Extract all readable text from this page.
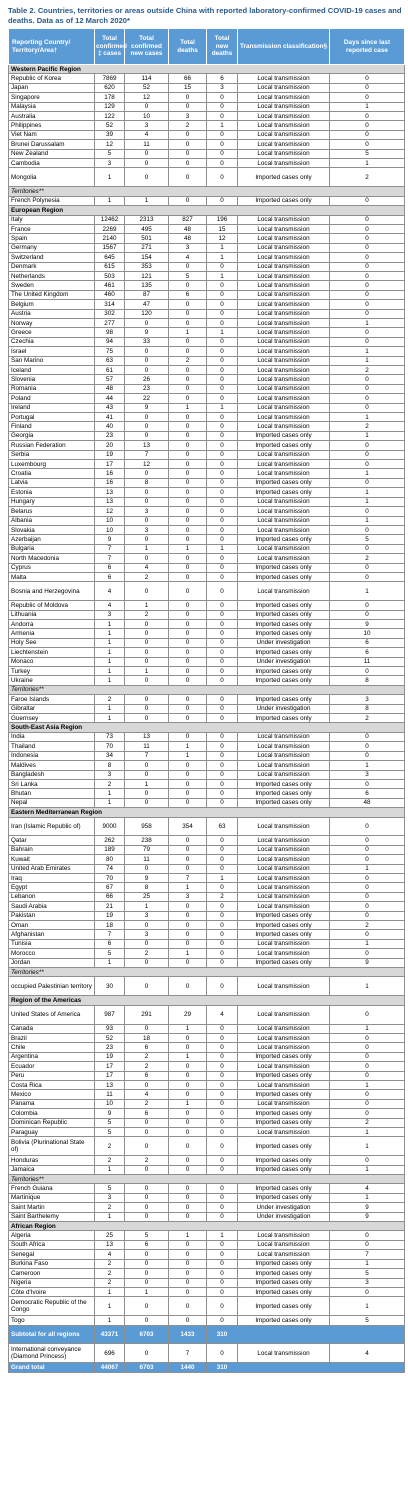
Table 2. Countries, territories or areas outside China with reported laboratory-confirmed COVID-19 cases and deaths. Data as of 12 March 2020*
Reporting Country/ Territory/Area†	Total confirmed ‡ cases	Total confirmed new cases	Total deaths	Total new deaths	Transmission classification§	Days since last reported case
Western Pacific Region						
Republic of Korea	7869	114	66	6	Local transmission	0
Japan	620	52	15	3	Local transmission	0
Singapore	178	12	0	0	Local transmission	0
Malaysia	129	0	0	0	Local transmission	1
Australia	122	10	3	0	Local transmission	0
Philippines	52	3	2	1	Local transmission	0
Viet Nam	39	4	0	0	Local transmission	0
Brunei Darussalam	12	11	0	0	Local transmission	0
New Zealand	5	0	0	0	Local transmission	5
Cambodia	3	0	0	0	Local transmission	1
Mongolia	1	0	0	0	Imported cases only	2
Territories**						
French Polynesia	1	1	0	0	Imported cases only	0
European Region						
Italy	12462	2313	827	196	Local transmission	0
France	2269	495	48	15	Local transmission	0
Spain	2140	501	48	12	Local transmission	0
Germany	1567	271	3	1	Local transmission	0
Switzerland	645	154	4	1	Local transmission	0
Denmark	615	353	0	0	Local transmission	0
Netherlands	503	121	5	1	Local transmission	0
Sweden	461	135	0	0	Local transmission	0
The United Kingdom	460	87	6	0	Local transmission	0
Belgium	314	47	0	0	Local transmission	0
Austria	302	120	0	0	Local transmission	0
Norway	277	0	0	0	Local transmission	1
Greece	98	9	1	1	Local transmission	0
Czechia	94	33	0	0	Local transmission	0
Israel	75	0	0	0	Local transmission	1
San Marino	63	0	2	0	Local transmission	1
Iceland	61	0	0	0	Local transmission	2
Slovenia	57	26	0	0	Local transmission	0
Romania	48	23	0	0	Local transmission	0
Poland	44	22	0	0	Local transmission	0
Ireland	43	9	1	1	Local transmission	0
Portugal	41	0	0	0	Local transmission	1
Finland	40	0	0	0	Local transmission	2
Georgia	23	0	0	0	Imported cases only	1
Russian Federation	20	13	0	0	Imported cases only	0
Serbia	19	7	0	0	Local transmission	0
Luxembourg	17	12	0	0	Local transmission	0
Croatia	16	0	0	0	Local transmission	1
Latvia	16	8	0	0	Imported cases only	0
Estonia	13	0	0	0	Imported cases only	1
Hungary	13	0	0	0	Local transmission	1
Belarus	12	3	0	0	Local transmission	0
Albania	10	0	0	0	Local transmission	1
Slovakia	10	3	0	0	Local transmission	0
Azerbaijan	9	0	0	0	Imported cases only	5
Bulgaria	7	1	1	1	Local transmission	0
North Macedonia	7	0	0	0	Local transmission	2
Cyprus	6	4	0	0	Imported cases only	0
Malta	6	2	0	0	Imported cases only	0
Bosnia and Herzegovina	4	0	0	0	Local transmission	1
Republic of Moldova	4	1	0	0	Imported cases only	0
Lithuania	3	2	0	0	Imported cases only	0
Andorra	1	0	0	0	Imported cases only	9
Armenia	1	0	0	0	Imported cases only	10
Holy See	1	0	0	0	Under investigation	6
Liechtenstein	1	0	0	0	Imported cases only	6
Monaco	1	0	0	0	Under investigation	11
Turkey	1	1	0	0	Imported cases only	0
Ukraine	1	0	0	0	Imported cases only	8
Territories**						
Faroe Islands	2	0	0	0	Imported cases only	3
Gibraltar	1	0	0	0	Under investigation	8
Guernsey	1	0	0	0	Imported cases only	2
South-East Asia Region						
India	73	13	0	0	Local transmission	0
Thailand	70	11	1	0	Local transmission	0
Indonesia	34	7	1	0	Local transmission	0
Maldives	8	0	0	0	Local transmission	1
Bangladesh	3	0	0	0	Local transmission	3
Sri Lanka	2	1	0	0	Imported cases only	0
Bhutan	1	0	0	0	Imported cases only	6
Nepal	1	0	0	0	Imported cases only	48
Eastern Mediterranean Region						
Iran (Islamic Republic of)	9000	958	354	63	Local transmission	0
Qatar	262	238	0	0	Local transmission	0
Bahrain	189	79	0	0	Local transmission	0
Kuwait	80	11	0	0	Local transmission	0
United Arab Emirates	74	0	0	0	Local transmission	1
Iraq	70	9	7	1	Local transmission	0
Egypt	67	8	1	0	Local transmission	0
Lebanon	66	25	3	2	Local transmission	0
Saudi Arabia	21	1	0	0	Local transmission	0
Pakistan	19	3	0	0	Imported cases only	0
Oman	18	0	0	0	Imported cases only	2
Afghanistan	7	3	0	0	Imported cases only	0
Tunisia	6	0	0	0	Local transmission	1
Morocco	5	2	1	0	Local transmission	0
Jordan	1	0	0	0	Imported cases only	9
Territories**						
occupied Palestinian territory	30	0	0	0	Local transmission	1
Region of the Americas						
United States of America	987	291	29	4	Local transmission	0
Canada	93	0	1	0	Local transmission	1
Brazil	52	18	0	0	Local transmission	0
Chile	23	6	0	0	Local transmission	0
Argentina	19	2	1	0	Imported cases only	0
Ecuador	17	2	0	0	Local transmission	0
Peru	17	6	0	0	Imported cases only	0
Costa Rica	13	0	0	0	Local transmission	1
Mexico	11	4	0	0	Imported cases only	0
Panama	10	2	1	0	Local transmission	0
Colombia	9	6	0	0	Imported cases only	0
Dominican Republic	5	0	0	0	Imported cases only	2
Paraguay	5	0	0	0	Local transmission	1
Bolivia (Plurinational State of)	2	0	0	0	Imported cases only	1
Honduras	2	2	0	0	Imported cases only	0
Jamaica	1	0	0	0	Imported cases only	1
Territories**						
French Guiana	5	0	0	0	Imported cases only	4
Martinique	3	0	0	0	Imported cases only	1
Saint Martin	2	0	0	0	Under investigation	9
Saint Barthelemy	1	0	0	0	Under investigation	9
African Region						
Algeria	25	5	1	1	Local transmission	0
South Africa	13	6	0	0	Local transmission	0
Senegal	4	0	0	0	Local transmission	7
Burkina Faso	2	0	0	0	Imported cases only	1
Cameroon	2	0	0	0	Imported cases only	5
Nigeria	2	0	0	0	Imported cases only	3
Côte d'Ivoire	1	1	0	0	Imported cases only	0
Democratic Republic of the Congo	1	0	0	0	Imported cases only	1
Togo	1	0	0	0	Imported cases only	5
Subtotal for all regions	43371	6703	1433	310		
International conveyance (Diamond Princess)	696	0	7	0	Local transmission	4
Grand total	44067	6703	1440	310		
